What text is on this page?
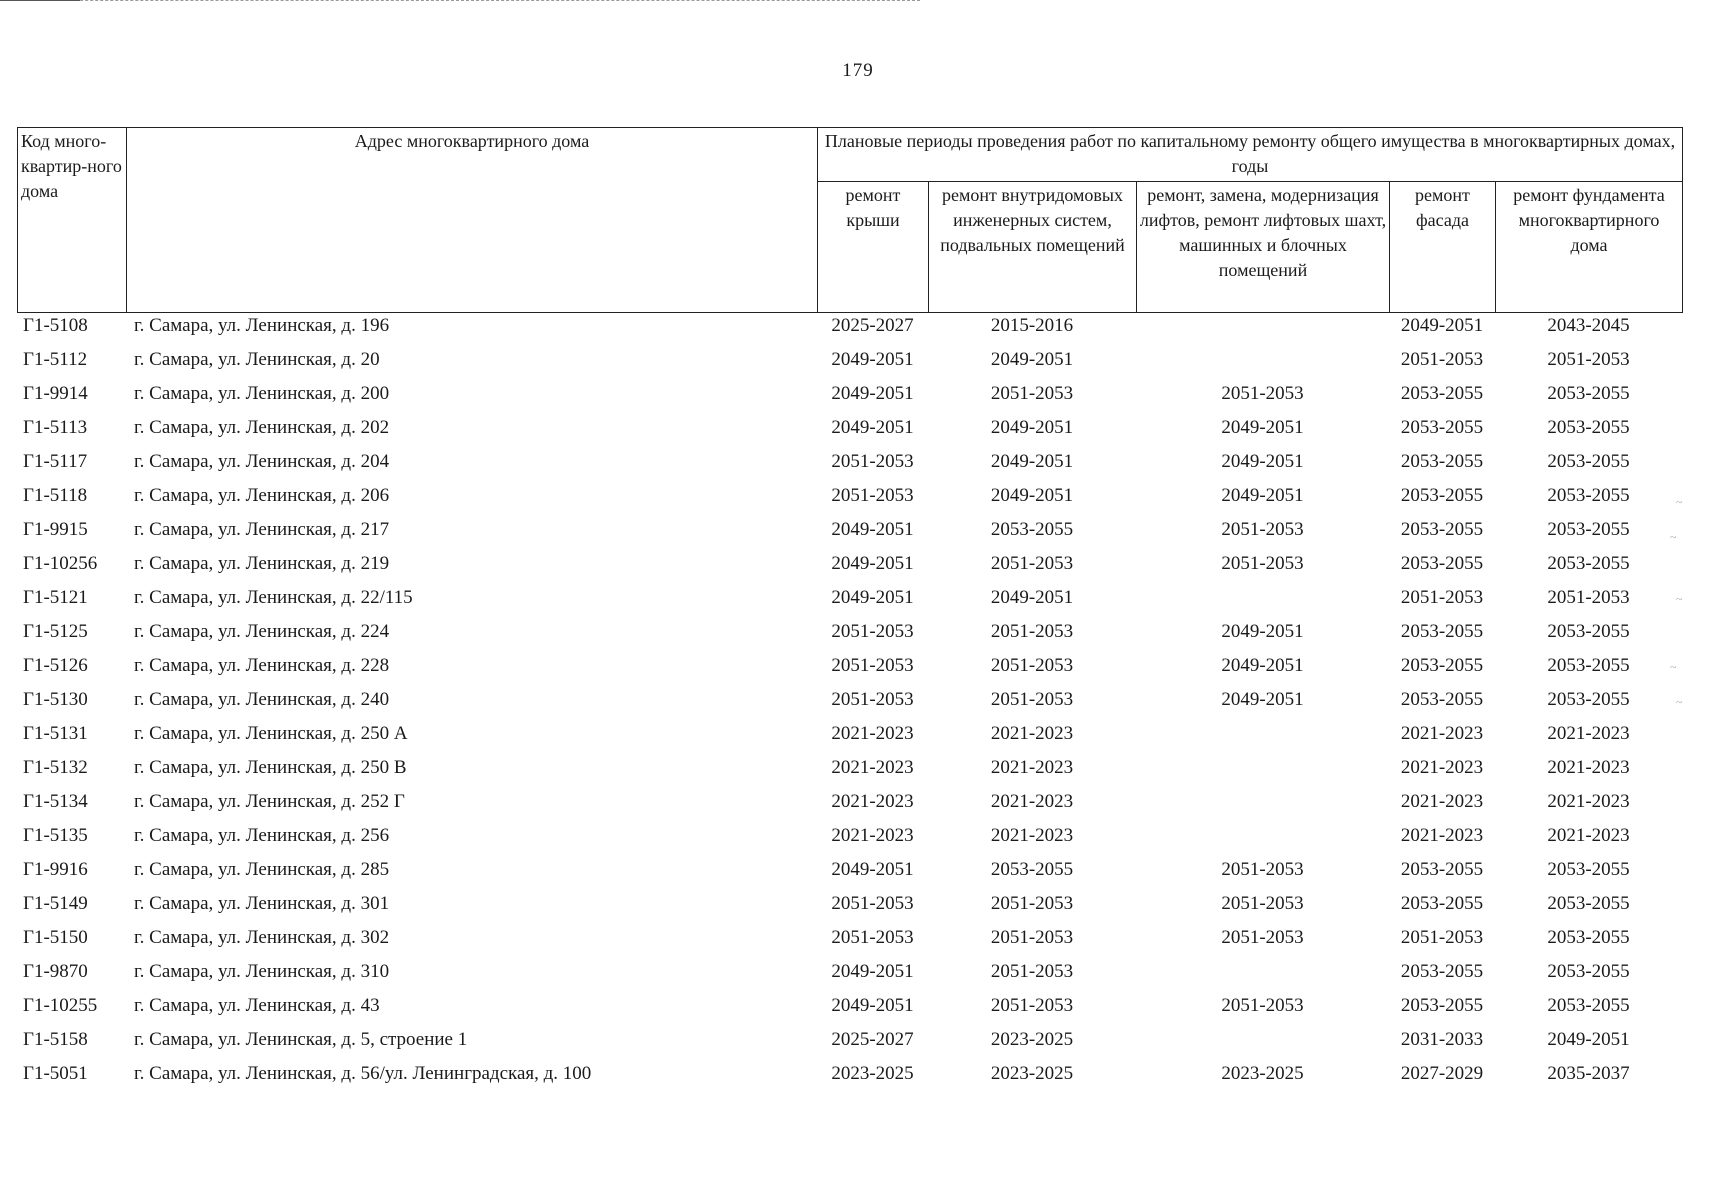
179
Код много-квартир-ного дома	Адрес многоквартирного дома	Плановые периоды проведения работ по капитальному ремонту общего имущества в многоквартирных домах, годы				
		ремонт крыши	ремонт внутридомовых инженерных систем, подвальных помещений	ремонт, замена, модернизация лифтов, ремонт лифтовых шахт, машинных и блочных помещений	ремонт фасада	ремонт фундамента многоквартирного дома
Г1-5108	г. Самара, ул. Ленинская, д. 196	2025-2027	2015-2016		2049-2051	2043-2045
Г1-5112	г. Самара, ул. Ленинская, д. 20	2049-2051	2049-2051		2051-2053	2051-2053
Г1-9914	г. Самара, ул. Ленинская, д. 200	2049-2051	2051-2053	2051-2053	2053-2055	2053-2055
Г1-5113	г. Самара, ул. Ленинская, д. 202	2049-2051	2049-2051	2049-2051	2053-2055	2053-2055
Г1-5117	г. Самара, ул. Ленинская, д. 204	2051-2053	2049-2051	2049-2051	2053-2055	2053-2055
Г1-5118	г. Самара, ул. Ленинская, д. 206	2051-2053	2049-2051	2049-2051	2053-2055	2053-2055
Г1-9915	г. Самара, ул. Ленинская, д. 217	2049-2051	2053-2055	2051-2053	2053-2055	2053-2055
Г1-10256	г. Самара, ул. Ленинская, д. 219	2049-2051	2051-2053	2051-2053	2053-2055	2053-2055
Г1-5121	г. Самара, ул. Ленинская, д. 22/115	2049-2051	2049-2051		2051-2053	2051-2053
Г1-5125	г. Самара, ул. Ленинская, д. 224	2051-2053	2051-2053	2049-2051	2053-2055	2053-2055
Г1-5126	г. Самара, ул. Ленинская, д. 228	2051-2053	2051-2053	2049-2051	2053-2055	2053-2055
Г1-5130	г. Самара, ул. Ленинская, д. 240	2051-2053	2051-2053	2049-2051	2053-2055	2053-2055
Г1-5131	г. Самара, ул. Ленинская, д. 250 А	2021-2023	2021-2023		2021-2023	2021-2023
Г1-5132	г. Самара, ул. Ленинская, д. 250 В	2021-2023	2021-2023		2021-2023	2021-2023
Г1-5134	г. Самара, ул. Ленинская, д. 252 Г	2021-2023	2021-2023		2021-2023	2021-2023
Г1-5135	г. Самара, ул. Ленинская, д. 256	2021-2023	2021-2023		2021-2023	2021-2023
Г1-9916	г. Самара, ул. Ленинская, д. 285	2049-2051	2053-2055	2051-2053	2053-2055	2053-2055
Г1-5149	г. Самара, ул. Ленинская, д. 301	2051-2053	2051-2053	2051-2053	2053-2055	2053-2055
Г1-5150	г. Самара, ул. Ленинская, д. 302	2051-2053	2051-2053	2051-2053	2051-2053	2053-2055
Г1-9870	г. Самара, ул. Ленинская, д. 310	2049-2051	2051-2053		2053-2055	2053-2055
Г1-10255	г. Самара, ул. Ленинская, д. 43	2049-2051	2051-2053	2051-2053	2053-2055	2053-2055
Г1-5158	г. Самара, ул. Ленинская, д. 5, строение 1	2025-2027	2023-2025		2031-2033	2049-2051
Г1-5051	г. Самара, ул. Ленинская, д. 56/ул. Ленинградская, д. 100	2023-2025	2023-2025	2023-2025	2027-2029	2035-2037
~
~
~
~
~
